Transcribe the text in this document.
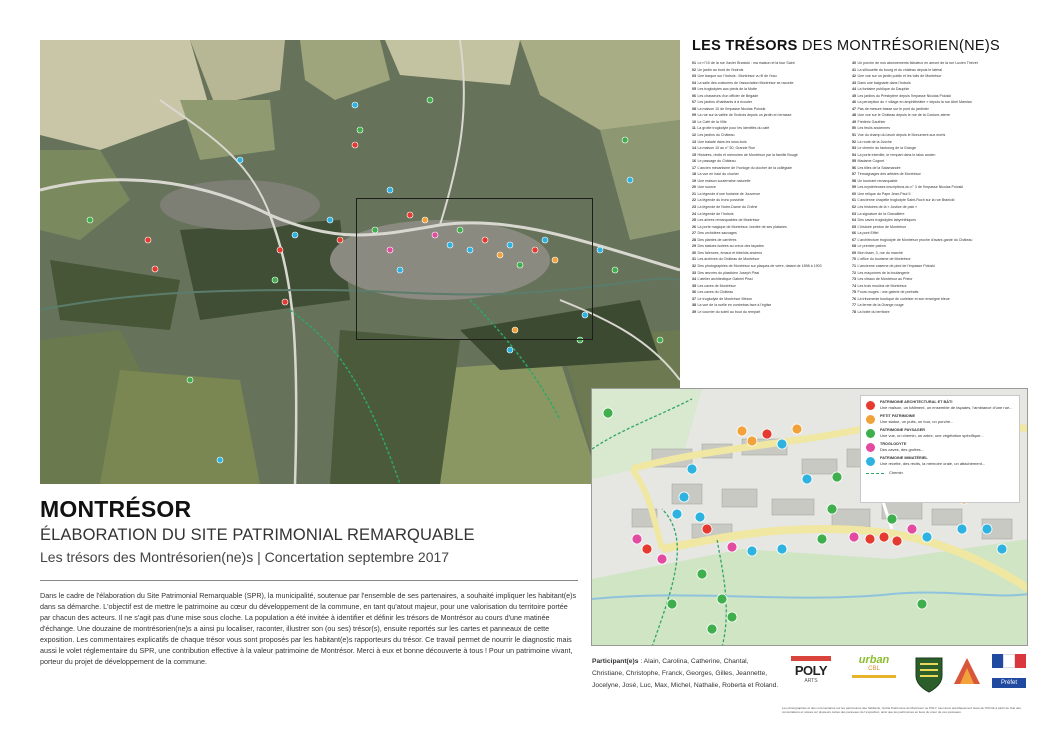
LES TRÉSORS DES MONTRÉSORIEN(NE)S
01 Le n°10 de la rue Xavier Branicki : ma maison et la tour Saint
02 Un jardin au bord de l'Indrois
03 Une barque sur l'Indrois : Montrésor vu fil de l'eau
04 La salle des costumes de l'association Montrésor se raconte
05 Les troglodytes aux pieds de la Motte
06 Les chasseurs d'un officier de Brigade
07 Les jardins d'habitants à à écouter
08 La maison 10 de l'impasse Nicolas Poloski
09 La rue sur la vallée de l'Indrois depuis un jardin en terrasse
10 Le Café de la Ville
11 La grotte troglodyte pour les identités du café
12 Les jardins du Château
13 Une balade dans les sous-bois
14 La maison 10 au n° 50, Grande Rue
15 Histoires, récits et mémoires de Montrésor par la famille Bougé
16 Le passage du Château
17 L'ancien mécanisme de l'horloge du clocher de la collégiale
18 La vue en haut du clocher
19 Une maison souterraine naturelle
20 Une source
21 La légende d'une fontaine de Jouvence
22 La légende du tronc possédé
23 La légende de Notre-Dame du Chêne
24 La légende de l'Indrois
25 Les arbres remarquables de Montrésor
26 La porte magique de Montrésor, bordée de ses platanes
27 Des orchidées sauvages
28 Des plantes de carrières
29 Des statues isolées au creux des façades
30 Des faïences, émaux et bibelots anciens
31 Les archives du Château de Montrésor
32 Des photographies de Montrésor sur plaques de verre, datant de 1898 à 1903
33 Des œuvres du plasticien Joseph Pissi
34 L'atelier architectique Gabriel Pissi
35 Les caves de Montrésor
36 Les caves du Château
37 Le troglodyte de Montrésor Mézon
38 La vue de la ruelle en contrebas face à l'église
39 Le courrier du soleil au bout du rempart
40 Un porche de nos abonnements fabuleux en amont de la rue Lucien Thévet
41 La silhouette du bourg et du château depuis le latéral
42 Une vue sur un jardin public et les toits de Montrésor
43 Dans une baignade dans l'Indrois
44 La fontaine publique du Dauphin
45 Les jardins du Presbytère depuis l'impasse Nicolas Poloski
46 La perception du « village en amphithéâtre » depuis la rue Abel Mamian
47 Pas de mesure basse sur le pont du jardinier
48 Une vue sur le Château depuis le rue de la Couture-aterre
49 Frédéric Gauthier
50 Les feuils anciennes
51 Vue du champ du lavoir depuis le Monument aux morts
52 La route de la Jusche
53 Le chemin du faubourg de la Grange
54 La porte interdite, le rempart dans le talus ancien
55 Madame Cognet
56 Les tilles de la Salamandre
57 Témoignages des artistes de Montrésor
58 Un tournant remarquable
59 Les mystérieuses inscriptions du n° 3 de l'impasse Nicolas Poloski
60 Une relique du Pape Jean-Paul II
61 L'ancienne chapelle troglodyte Saint-Roch sur la rue Branicki
62 Les histoires de la « Justice de paix »
63 La signature de la Gravaillère
64 Des caves troglodytes labyrinthiques
65 L'histoire perdue de Montrésor
66 La pont Eiffel
67 L'architecture troglodyte de Montrésor proche d'avant-garde du Château
68 Le premier patron
69 Mon lisser, 3, rue du marché
70 L'office du tourisme de Montrésor
71 L'ancienne caserne de pied de l'impasse Poloski
72 Les maçonnes de la boulangerie
73 Les vitraux de Montrésor au Prieur
74 Les trois moulins de Montrésor
75 Fours rouges : une galerie de portraits
76 La trinomenie boutique de curieiser et son enseigne bleue
77 La ferme de la Grange rouge
78 La botte du territoire
PATRIMOINE ARCHITECTURAL ET BÂTI
Une maison, un bâtiment, un ensemble de façades, l'ambiance d'une rue...
PETIT PATRIMOINE
Une statue, un puits, un four, un porche...
PATRIMOINE PAYSAGER
Une vue, un chemin, un arbre, une végétation spécifique...
TROGLODYTE
Des caves, des grottes...
PATRIMOINE IMMATÉRIEL
Une recette, des récits, la mémoire orale, un attachement...
Chemin
MONTRÉSOR
ÉLABORATION DU SITE PATRIMONIAL REMARQUABLE
Les trésors des Montrésorien(ne)s | Concertation septembre 2017
Dans le cadre de l'élaboration du Site Patrimonial Remarquable (SPR), la municipalité, soutenue par l'ensemble de ses partenaires, a souhaité impliquer les habitant(e)s dans sa démarche. L'objectif est de mettre le patrimoine au cœur du développement de la commune, en tant qu'atout majeur, pour une valorisation du territoire portée par chacun des acteurs. Il ne s'agit pas d'une mise sous cloche. La population a été invitée à identifier et définir les trésors de Montrésor au cours d'une matinée d'échange. Une douzaine de montrésorien(ne)s a ainsi pu localiser, raconter, illustrer son (ou ses) trésor(s), ensuite reportés sur les cartes et panneaux de cette exposition. Les commentaires explicatifs de chaque trésor vous sont proposés par les habitant(e)s rapporteurs du trésor. Ce travail permet de nourrir le diagnostic mais aussi le volet réglementaire du SPR, une contribution effective à la valeur patrimoine de Montrésor. Merci à eux et bonne découverte à tous ! Pour un patrimoine vivant, porteur du projet de développement de la commune.	Participant(e)s : Alain, Carolina, Catherine, Chantal, Christiane, Christophe, Franck, Georges, Gilles, Jeannette, Jocelyne, José, Luc, Max, Michel, Nathalie, Roberta et Roland.
POLY
ARTS
urban
CBL
Préfet
Les photographies et des commentaires sur les patrimoines des habitants, l'entité Patrimoine de Montrésor ou POLY, tous deux spécifiquement issus de l'OCCE à partir de l'été des concertations et notées sur plusieurs cartes des panneaux de l'exposition, ainsi que les patrimoines en lieux du cœur de ces panneaux.
